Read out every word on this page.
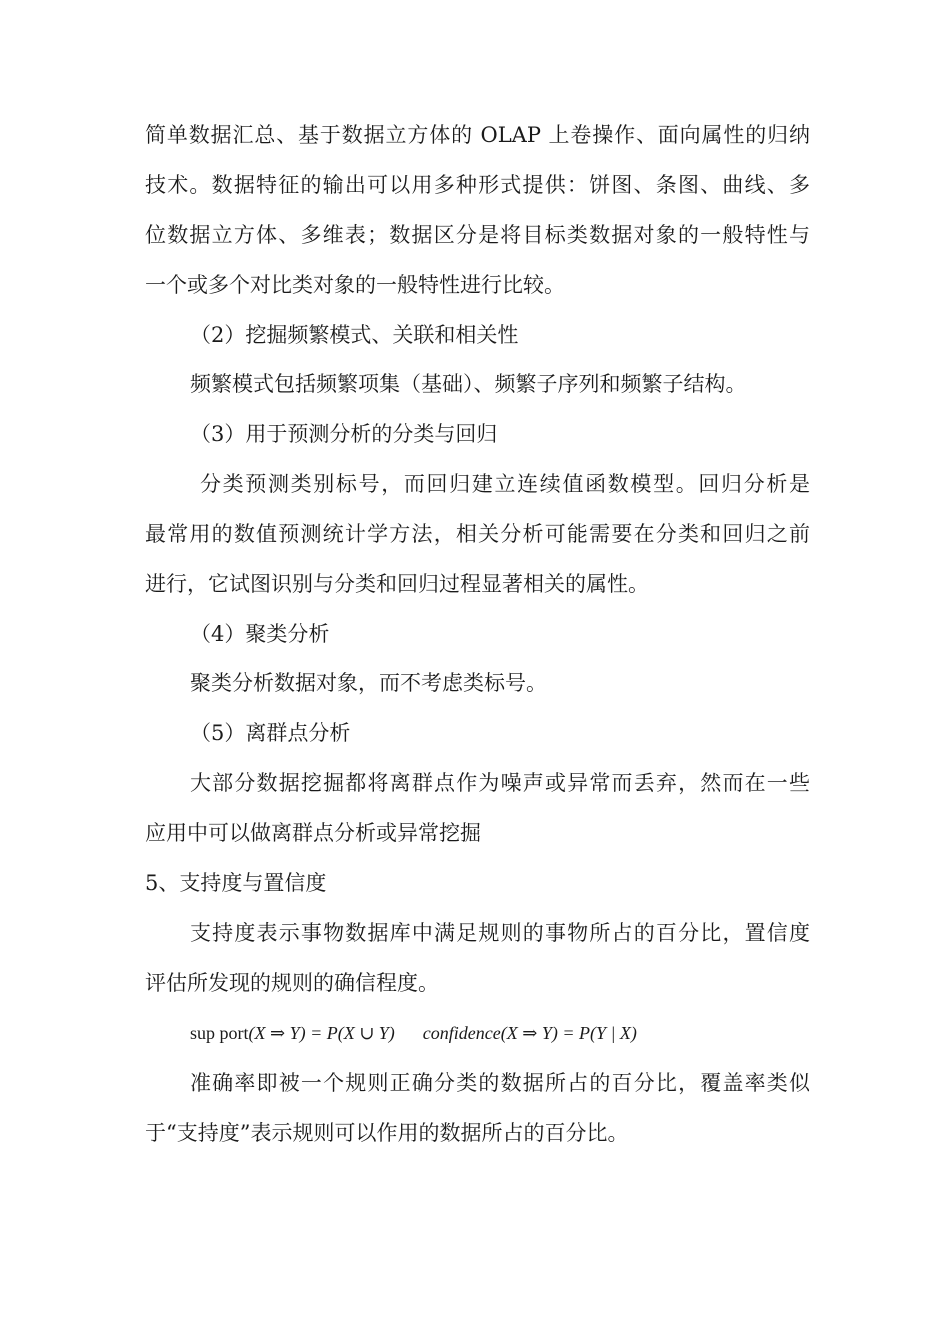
简单数据汇总、基于数据立方体的 OLAP 上卷操作、面向属性的归纳
技术。数据特征的输出可以用多种形式提供：饼图、条图、曲线、多
位数据立方体、多维表；数据区分是将目标类数据对象的一般特性与
一个或多个对比类对象的一般特性进行比较。
（2）挖掘频繁模式、关联和相关性
频繁模式包括频繁项集（基础）、频繁子序列和频繁子结构。
（3）用于预测分析的分类与回归
分类预测类别标号，而回归建立连续值函数模型。回归分析是
最常用的数值预测统计学方法，相关分析可能需要在分类和回归之前
进行，它试图识别与分类和回归过程显著相关的属性。
（4）聚类分析
聚类分析数据对象，而不考虑类标号。
（5）离群点分析
大部分数据挖掘都将离群点作为噪声或异常而丢弃，然而在一些
应用中可以做离群点分析或异常挖掘
5、支持度与置信度
支持度表示事物数据库中满足规则的事物所占的百分比，置信度
评估所发现的规则的确信程度。
sup port(X ⇒ Y) = P(X ∪ Y) confidence(X ⇒ Y) = P(Y | X)
准确率即被一个规则正确分类的数据所占的百分比，覆盖率类似
于“支持度”表示规则可以作用的数据所占的百分比。
